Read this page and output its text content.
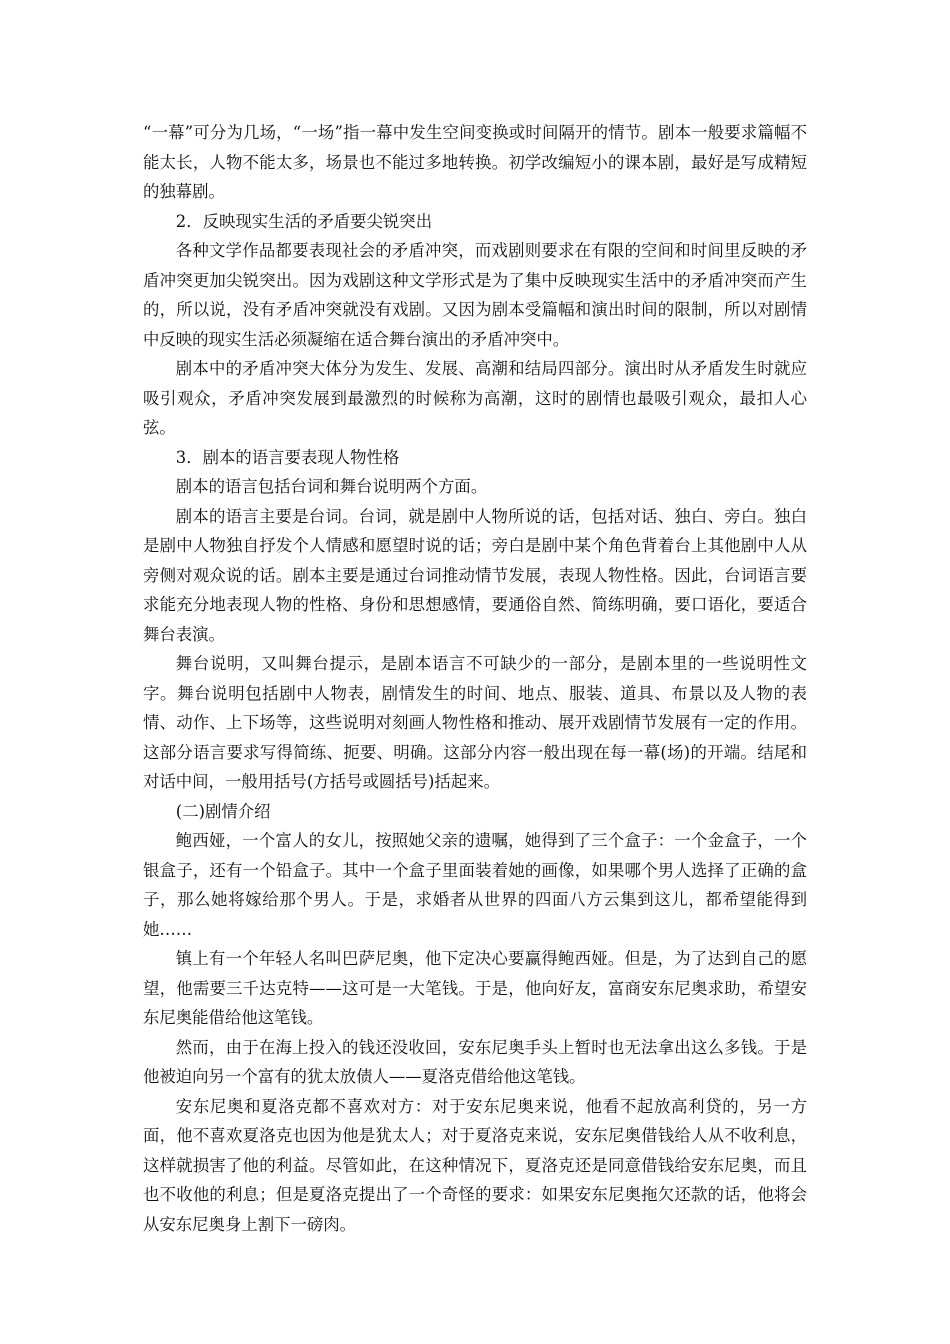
“一幕”可分为几场，“一场”指一幕中发生空间变换或时间隔开的情节。剧本一般要求篇幅不能太长，人物不能太多，场景也不能过多地转换。初学改编短小的课本剧，最好是写成精短的独幕剧。

2．反映现实生活的矛盾要尖锐突出

各种文学作品都要表现社会的矛盾冲突，而戏剧则要求在有限的空间和时间里反映的矛盾冲突更加尖锐突出。因为戏剧这种文学形式是为了集中反映现实生活中的矛盾冲突而产生的，所以说，没有矛盾冲突就没有戏剧。又因为剧本受篇幅和演出时间的限制，所以对剧情中反映的现实生活必须凝缩在适合舞台演出的矛盾冲突中。

剧本中的矛盾冲突大体分为发生、发展、高潮和结局四部分。演出时从矛盾发生时就应吸引观众，矛盾冲突发展到最激烈的时候称为高潮，这时的剧情也最吸引观众，最扣人心弦。

3．剧本的语言要表现人物性格

剧本的语言包括台词和舞台说明两个方面。

剧本的语言主要是台词。台词，就是剧中人物所说的话，包括对话、独白、旁白。独白是剧中人物独自抒发个人情感和愿望时说的话；旁白是剧中某个角色背着台上其他剧中人从旁侧对观众说的话。剧本主要是通过台词推动情节发展，表现人物性格。因此，台词语言要求能充分地表现人物的性格、身份和思想感情，要通俗自然、简练明确，要口语化，要适合舞台表演。

舞台说明，又叫舞台提示，是剧本语言不可缺少的一部分，是剧本里的一些说明性文字。舞台说明包括剧中人物表，剧情发生的时间、地点、服装、道具、布景以及人物的表情、动作、上下场等，这些说明对刻画人物性格和推动、展开戏剧情节发展有一定的作用。这部分语言要求写得简练、扼要、明确。这部分内容一般出现在每一幕(场)的开端。结尾和对话中间，一般用括号(方括号或圆括号)括起来。

(二)剧情介绍

鲍西娅，一个富人的女儿，按照她父亲的遗嘱，她得到了三个盒子：一个金盒子，一个银盒子，还有一个铅盒子。其中一个盒子里面装着她的画像，如果哪个男人选择了正确的盒子，那么她将嫁给那个男人。于是，求婚者从世界的四面八方云集到这儿，都希望能得到她……

镇上有一个年轻人名叫巴萨尼奥，他下定决心要赢得鲍西娅。但是，为了达到自己的愿望，他需要三千达克特——这可是一大笔钱。于是，他向好友，富商安东尼奥求助，希望安东尼奥能借给他这笔钱。

然而，由于在海上投入的钱还没收回，安东尼奥手头上暂时也无法拿出这么多钱。于是他被迫向另一个富有的犹太放债人——夏洛克借给他这笔钱。

安东尼奥和夏洛克都不喜欢对方：对于安东尼奥来说，他看不起放高利贷的，另一方面，他不喜欢夏洛克也因为他是犹太人；对于夏洛克来说，安东尼奥借钱给人从不收利息，这样就损害了他的利益。尽管如此，在这种情况下，夏洛克还是同意借钱给安东尼奥，而且也不收他的利息；但是夏洛克提出了一个奇怪的要求：如果安东尼奥拖欠还款的话，他将会从安东尼奥身上割下一磅肉。
